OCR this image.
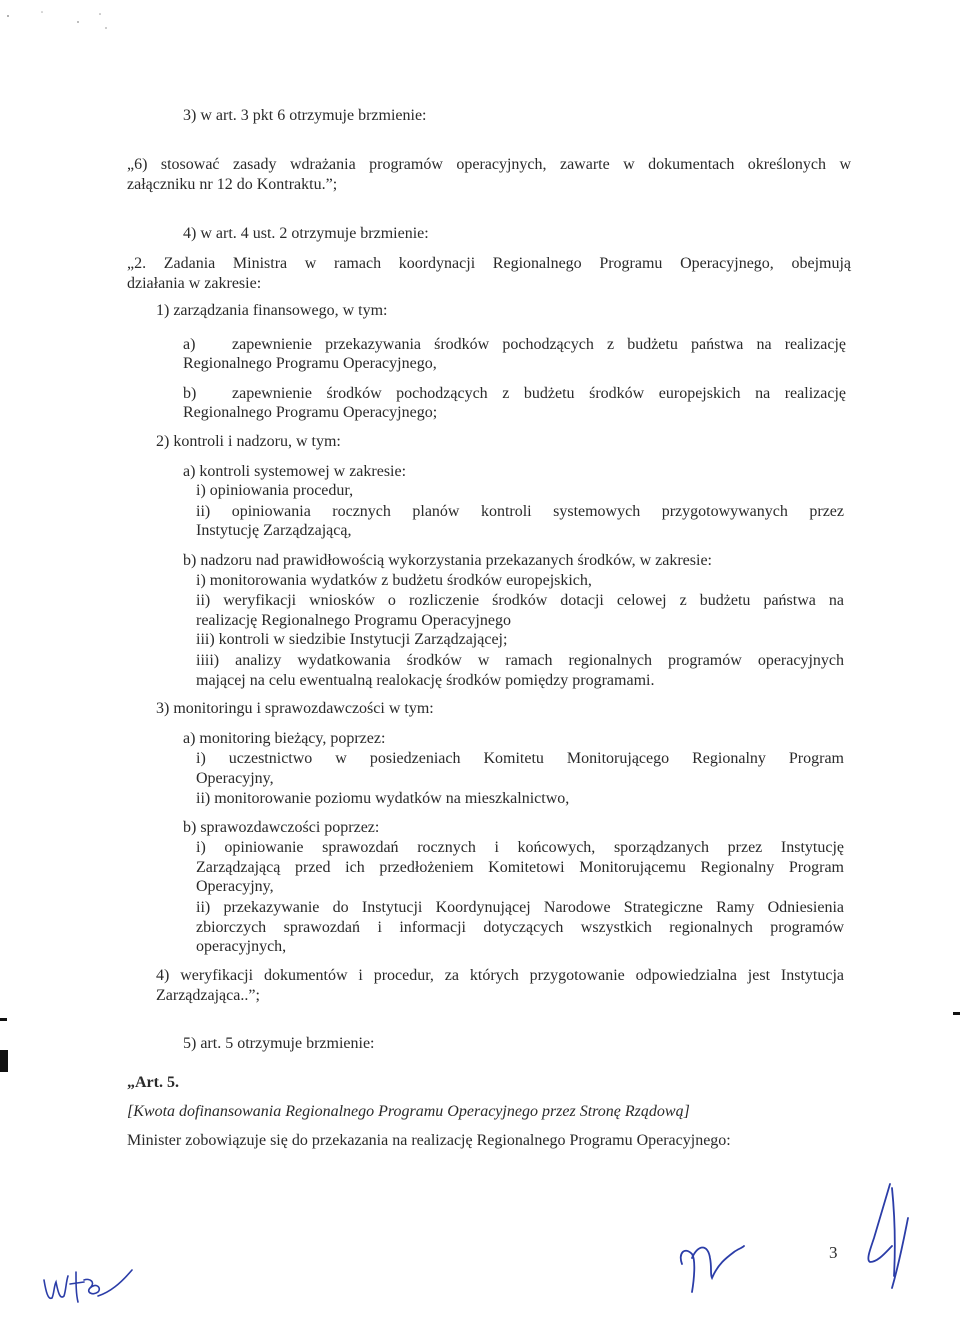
3) w art. 3 pkt 6 otrzymuje brzmienie:
„6) stosować zasady wdrażania programów operacyjnych, zawarte w dokumentach określonych w
załączniku nr 12 do Kontraktu.”;
4) w art. 4 ust. 2 otrzymuje brzmienie:
„2. Zadania Ministra w ramach koordynacji Regionalnego Programu Operacyjnego, obejmują
działania w zakresie:
1) zarządzania finansowego, w tym:
a) zapewnienie przekazywania środków pochodzących z budżetu państwa na realizację
Regionalnego Programu Operacyjnego,
b) zapewnienie środków pochodzących z budżetu środków europejskich na realizację
Regionalnego Programu Operacyjnego;
2) kontroli i nadzoru, w tym:
a) kontroli systemowej w zakresie:
i) opiniowania procedur,
ii) opiniowania rocznych planów kontroli systemowych przygotowywanych przez
Instytucję Zarządzającą,
b) nadzoru nad prawidłowością wykorzystania przekazanych środków, w zakresie:
i) monitorowania wydatków z budżetu środków europejskich,
ii) weryfikacji wniosków o rozliczenie środków dotacji celowej z budżetu państwa na
realizację Regionalnego Programu Operacyjnego
iii) kontroli w siedzibie Instytucji Zarządzającej;
iiii) analizy wydatkowania środków w ramach regionalnych programów operacyjnych
mającej na celu ewentualną realokację środków pomiędzy programami.
3) monitoringu i sprawozdawczości w tym:
a) monitoring bieżący, poprzez:
i) uczestnictwo w posiedzeniach Komitetu Monitorującego Regionalny Program
Operacyjny,
ii) monitorowanie poziomu wydatków na mieszkalnictwo,
b) sprawozdawczości poprzez:
i) opiniowanie sprawozdań rocznych i końcowych, sporządzanych przez Instytucję
Zarządzającą przed ich przedłożeniem Komitetowi Monitorującemu Regionalny Program
Operacyjny,
ii) przekazywanie do Instytucji Koordynującej Narodowe Strategiczne Ramy Odniesienia
zbiorczych sprawozdań i informacji dotyczących wszystkich regionalnych programów
operacyjnych,
4) weryfikacji dokumentów i procedur, za których przygotowanie odpowiedzialna jest Instytucja
Zarządzająca..”;
5) art. 5 otrzymuje brzmienie:
„Art. 5.
[Kwota dofinansowania Regionalnego Programu Operacyjnego przez Stronę Rządową]
Minister zobowiązuje się do przekazania na realizację Regionalnego Programu Operacyjnego:
3
